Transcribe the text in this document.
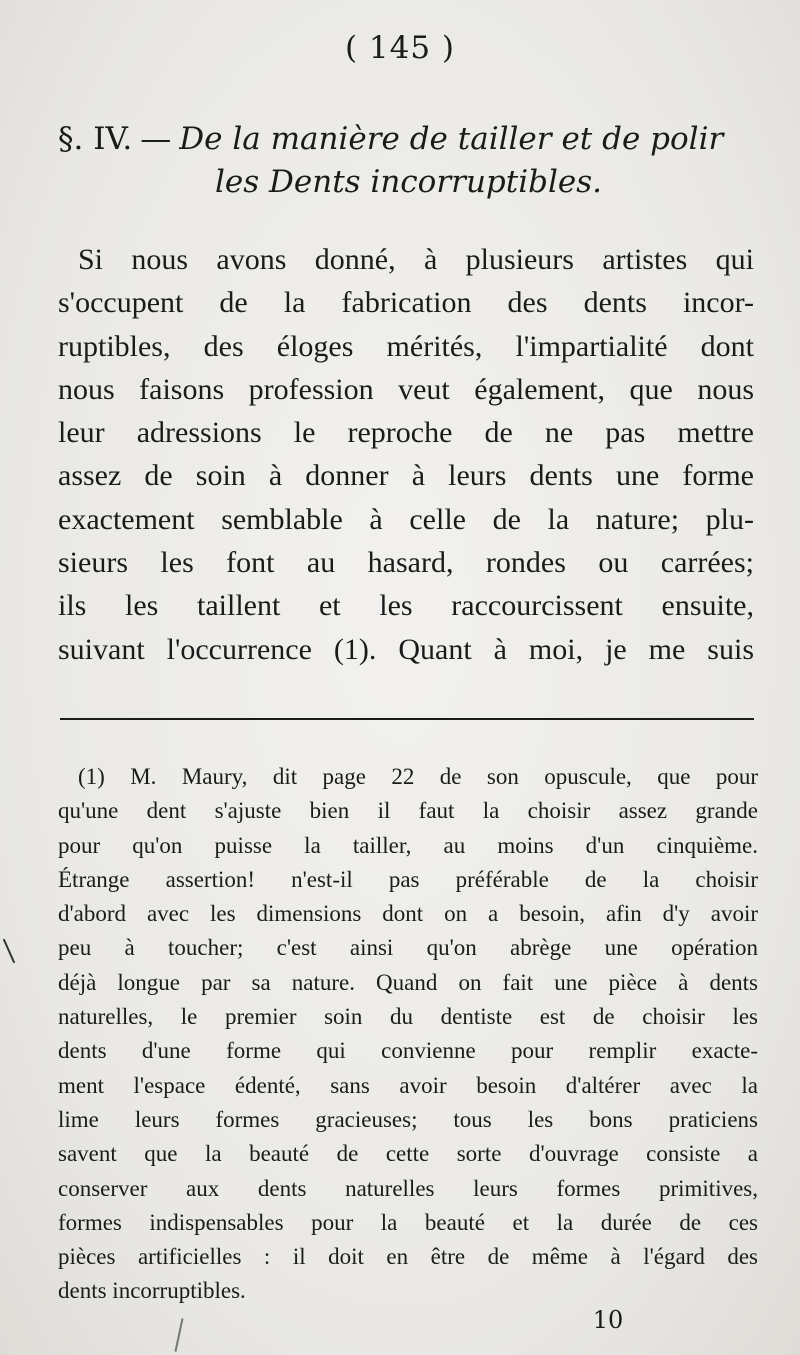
( 145 )
§. IV. — De la manière de tailler et de polir
les Dents incorruptibles.
Si nous avons donné, à plusieurs artistes qui
s'occupent de la fabrication des dents incor-
ruptibles, des éloges mérités, l'impartialité dont
nous faisons profession veut également, que nous
leur adressions le reproche de ne pas mettre
assez de soin à donner à leurs dents une forme
exactement semblable à celle de la nature; plu-
sieurs les font au hasard, rondes ou carrées;
ils les taillent et les raccourcissent ensuite,
suivant l'occurrence (1). Quant à moi, je me suis
(1) M. Maury, dit page 22 de son opuscule, que pour
qu'une dent s'ajuste bien il faut la choisir assez grande
pour qu'on puisse la tailler, au moins d'un cinquième.
Étrange assertion! n'est-il pas préférable de la choisir
d'abord avec les dimensions dont on a besoin, afin d'y avoir
peu à toucher; c'est ainsi qu'on abrège une opération
déjà longue par sa nature. Quand on fait une pièce à dents
naturelles, le premier soin du dentiste est de choisir les
dents d'une forme qui convienne pour remplir exacte-
ment l'espace édenté, sans avoir besoin d'altérer avec la
lime leurs formes gracieuses; tous les bons praticiens
savent que la beauté de cette sorte d'ouvrage consiste a
conserver aux dents naturelles leurs formes primitives,
formes indispensables pour la beauté et la durée de ces
pièces artificielles : il doit en être de même à l'égard des
dents incorruptibles.
10
